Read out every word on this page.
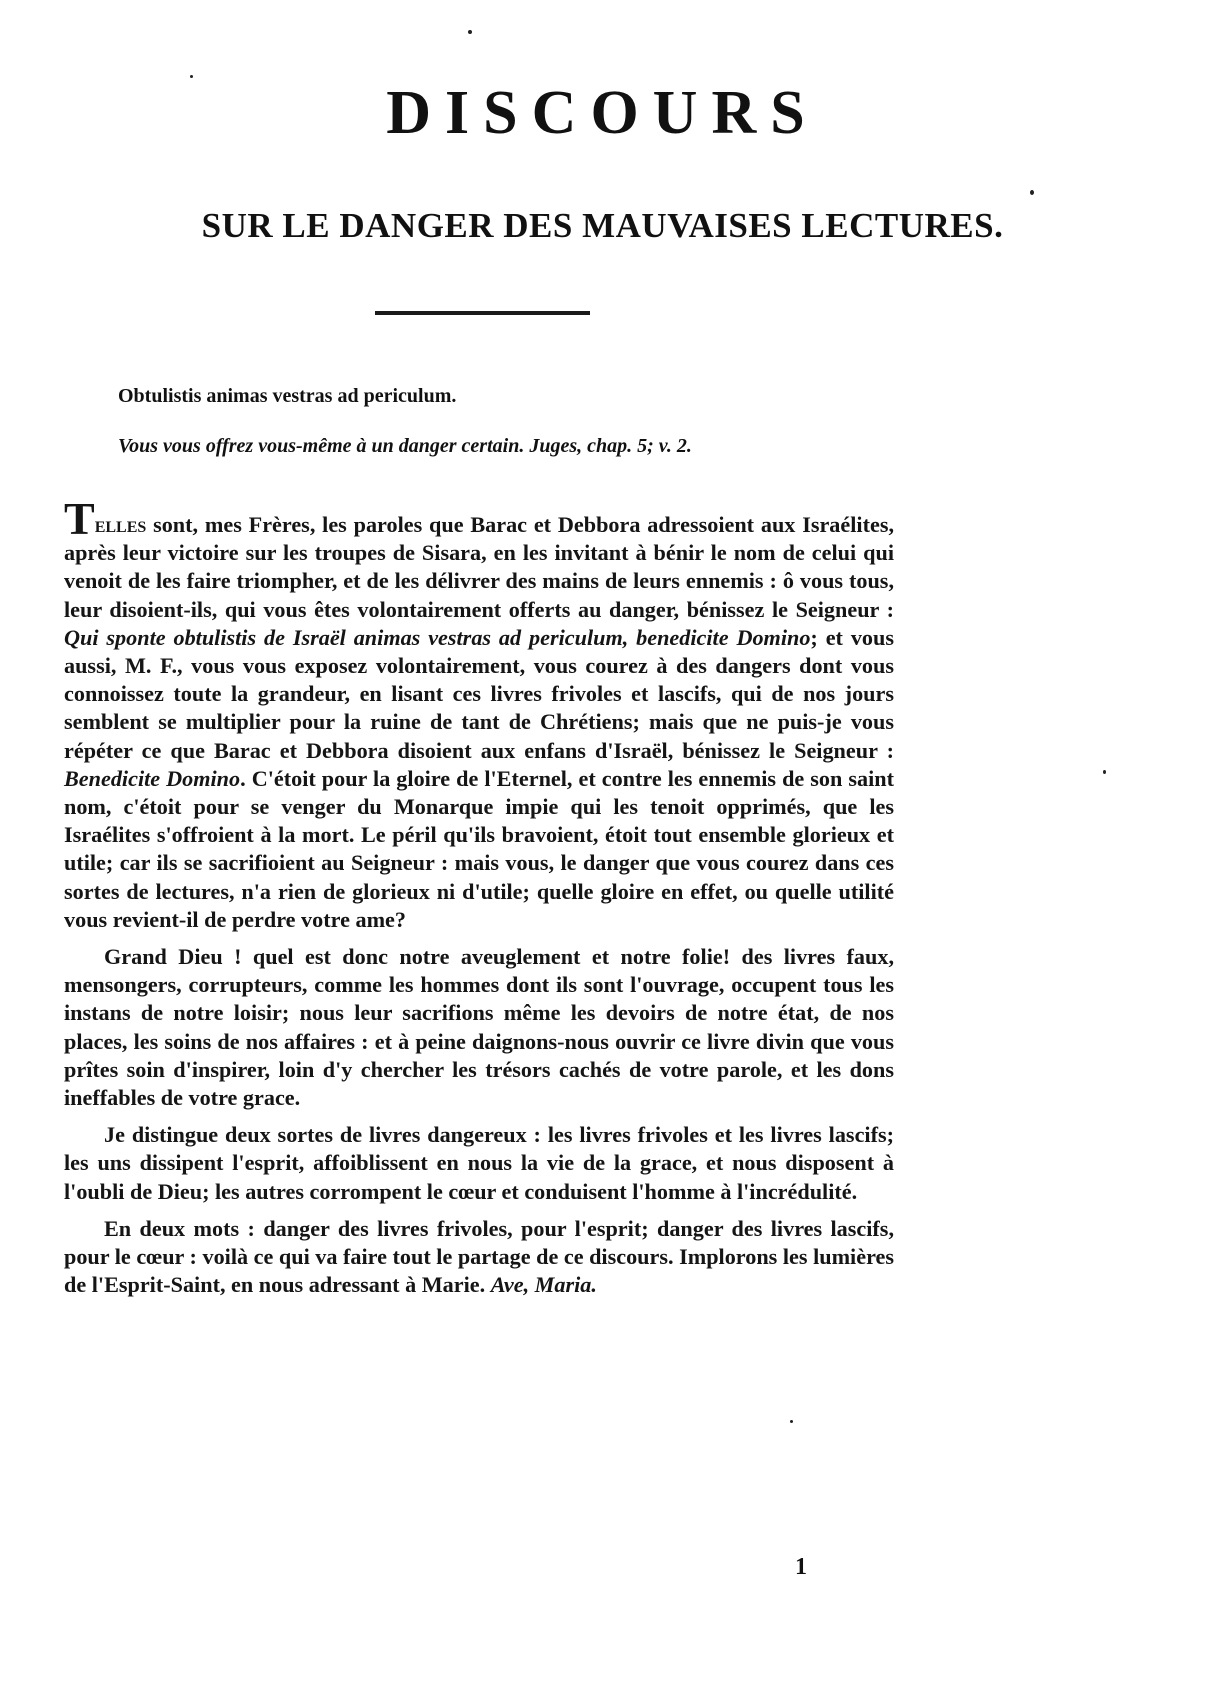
DISCOURS
SUR LE DANGER DES MAUVAISES LECTURES.
Obtulistis animas vestras ad periculum.
Vous vous offrez vous-même à un danger certain. Juges, chap. 5; v. 2.

Telles sont, mes Frères, les paroles que Barac et Debbora adressoient aux Israélites, après leur victoire sur les troupes de Sisara, en les invitant à bénir le nom de celui qui venoit de les faire triompher, et de les délivrer des mains de leurs ennemis : ô vous tous, leur disoient-ils, qui vous êtes volontairement offerts au danger, bénissez le Seigneur : Qui sponte obtulistis de Israël animas vestras ad periculum, benedicite Domino; et vous aussi, M. F., vous vous exposez volontairement, vous courez à des dangers dont vous connoissez toute la grandeur, en lisant ces livres frivoles et lascifs, qui de nos jours semblent se multiplier pour la ruine de tant de Chrétiens; mais que ne puis-je vous répéter ce que Barac et Debbora disoient aux enfans d'Israël, bénissez le Seigneur : Benedicite Domino. C'étoit pour la gloire de l'Eternel, et contre les ennemis de son saint nom, c'étoit pour se venger du Monarque impie qui les tenoit opprimés, que les Israélites s'offroient à la mort. Le péril qu'ils bravoient, étoit tout ensemble glorieux et utile; car ils se sacrifioient au Seigneur : mais vous, le danger que vous courez dans ces sortes de lectures, n'a rien de glorieux ni d'utile; quelle gloire en effet, ou quelle utilité vous revient-il de perdre votre ame?

Grand Dieu ! quel est donc notre aveuglement et notre folie! des livres faux, mensongers, corrupteurs, comme les hommes dont ils sont l'ouvrage, occupent tous les instans de notre loisir; nous leur sacrifions même les devoirs de notre état, de nos places, les soins de nos affaires : et à peine daignons-nous ouvrir ce livre divin que vous prîtes soin d'inspirer, loin d'y chercher les trésors cachés de votre parole, et les dons ineffables de votre grace.

Je distingue deux sortes de livres dangereux : les livres frivoles et les livres lascifs; les uns dissipent l'esprit, affoiblissent en nous la vie de la grace, et nous disposent à l'oubli de Dieu; les autres corrompent le cœur et conduisent l'homme à l'incrédulité.

En deux mots : danger des livres frivoles, pour l'esprit; danger des livres lascifs, pour le cœur : voilà ce qui va faire tout le partage de ce discours. Implorons les lumières de l'Esprit-Saint, en nous adressant à Marie. Ave, Maria.

1
